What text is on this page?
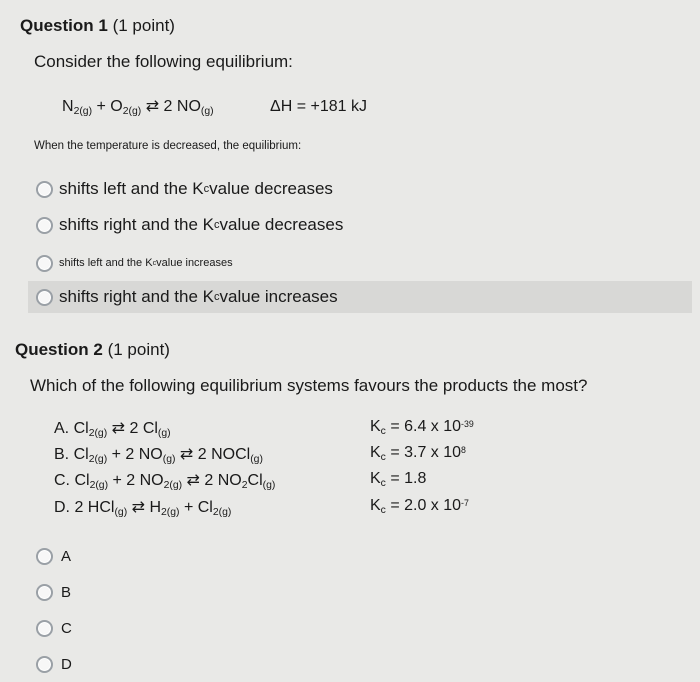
Question 1 (1 point)
Consider the following equilibrium:
$N_{2(g)} + O_{2(g)}$ ⇄ 2 $NO_{(g)}$	ΔH = +181 kJ
When the temperature is decreased, the equilibrium:
shifts left and the K c value decreases
shifts right and the K c value decreases
shifts left and the K c value increases
shifts right and the K c value increases
Question 2 (1 point)
Which of the following equilibrium systems favours the products the most?
A. $Cl_{2(g)}$ ⇄ 2 $Cl_{(g)}$	$K_c = 6.4$ x $10^{-39}$
B. $Cl_{2(g)} + 2$ $NO_{(g)}$ ⇄ 2 NOCl$_{(g)}$	$K_c = 3.7$ x $10^8$
C. $Cl_{2(g)} + 2$ $NO_{2(g)}$ ⇄ 2 $NO_2Cl_{(g)}$	$K_c = 1.8$
D. 2 HCl$_{(g)}$ ⇄ $H_{2(g)} + Cl_{2(g)}$	$K_c = 2.0$ x $10^{-7}$
A
B
C
D
